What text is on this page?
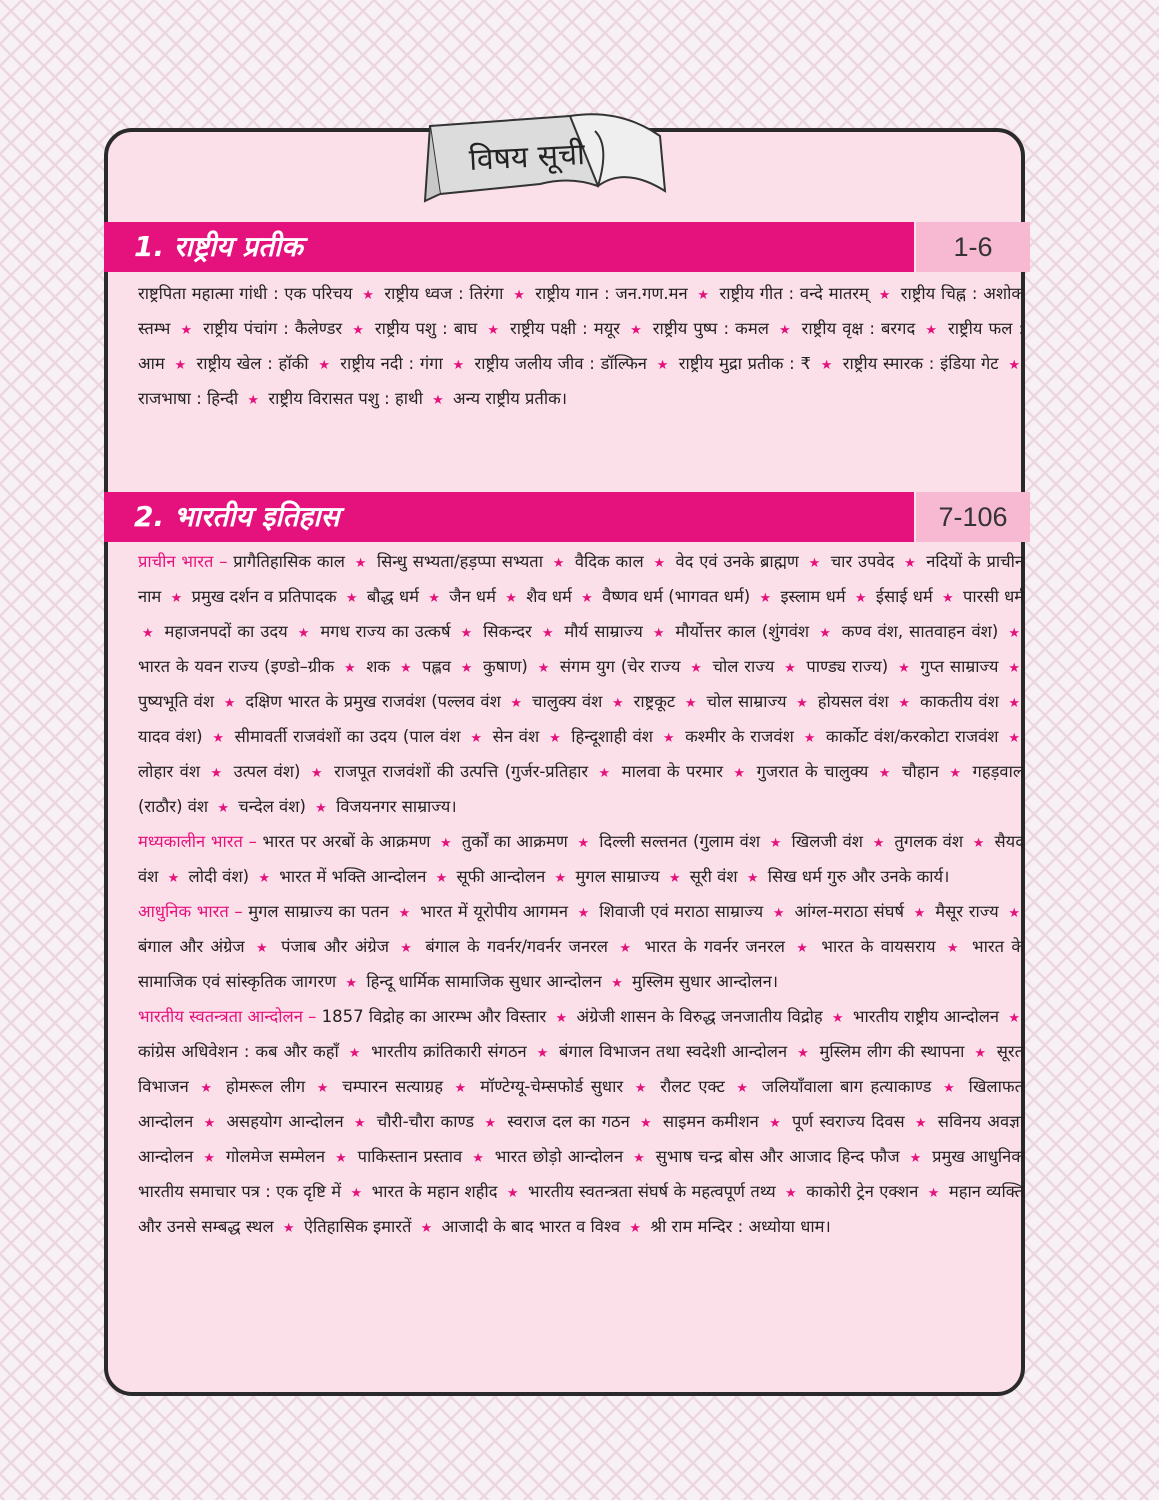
विषय सूची
1. राष्ट्रीय प्रतीक	1-6

राष्ट्रपिता महात्मा गांधी : एक परिचय ★ राष्ट्रीय ध्वज : तिरंगा ★ राष्ट्रीय गान : जन.गण.मन ★ राष्ट्रीय गीत : वन्दे मातरम् ★ राष्ट्रीय चिह्न : अशोक स्तम्भ ★ राष्ट्रीय पंचांग : कैलेण्डर ★ राष्ट्रीय पशु : बाघ ★ राष्ट्रीय पक्षी : मयूर ★ राष्ट्रीय पुष्प : कमल ★ राष्ट्रीय वृक्ष : बरगद ★ राष्ट्रीय फल : आम ★ राष्ट्रीय खेल : हॉकी ★ राष्ट्रीय नदी : गंगा ★ राष्ट्रीय जलीय जीव : डॉल्फिन ★ राष्ट्रीय मुद्रा प्रतीक : ₹ ★ राष्ट्रीय स्मारक : इंडिया गेट ★ राजभाषा : हिन्दी ★ राष्ट्रीय विरासत पशु : हाथी ★ अन्य राष्ट्रीय प्रतीक।

2. भारतीय इतिहास	7-106

प्राचीन भारत – प्रागैतिहासिक काल ★ सिन्धु सभ्यता/हड़प्पा सभ्यता ★ वैदिक काल ★ वेद एवं उनके ब्राह्मण ★ चार उपवेद ★ नदियों के प्राचीन नाम ★ प्रमुख दर्शन व प्रतिपादक ★ बौद्ध धर्म ★ जैन धर्म ★ शैव धर्म ★ वैष्णव धर्म (भागवत धर्म) ★ इस्लाम धर्म ★ ईसाई धर्म ★ पारसी धर्म ★ महाजनपदों का उदय ★ मगध राज्य का उत्कर्ष ★ सिकन्दर ★ मौर्य साम्राज्य ★ मौर्योत्तर काल (शुंगवंश ★ कण्व वंश, सातवाहन वंश) ★ भारत के यवन राज्य (इण्डो–ग्रीक ★ शक ★ पह्लव ★ कुषाण) ★ संगम युग (चेर राज्य ★ चोल राज्य ★ पाण्ड्य राज्य) ★ गुप्त साम्राज्य ★ पुष्यभूति वंश ★ दक्षिण भारत के प्रमुख राजवंश (पल्लव वंश ★ चालुक्य वंश ★ राष्ट्रकूट ★ चोल साम्राज्य ★ होयसल वंश ★ काकतीय वंश ★ यादव वंश) ★ सीमावर्ती राजवंशों का उदय (पाल वंश ★ सेन वंश ★ हिन्दूशाही वंश ★ कश्मीर के राजवंश ★ कार्कोट वंश/करकोटा राजवंश ★ लोहार वंश ★ उत्पल वंश) ★ राजपूत राजवंशों की उत्पत्ति (गुर्जर-प्रतिहार ★ मालवा के परमार ★ गुजरात के चालुक्य ★ चौहान ★ गहड़वाल (राठौर) वंश ★ चन्देल वंश) ★ विजयनगर साम्राज्य।

मध्यकालीन भारत – भारत पर अरबों के आक्रमण ★ तुर्कों का आक्रमण ★ दिल्ली सल्तनत (गुलाम वंश ★ खिलजी वंश ★ तुगलक वंश ★ सैयद वंश ★ लोदी वंश) ★ भारत में भक्ति आन्दोलन ★ सूफी आन्दोलन ★ मुगल साम्राज्य ★ सूरी वंश ★ सिख धर्म गुरु और उनके कार्य।

आधुनिक भारत – मुगल साम्राज्य का पतन ★ भारत में यूरोपीय आगमन ★ शिवाजी एवं मराठा साम्राज्य ★ आंग्ल-मराठा संघर्ष ★ मैसूर राज्य ★ बंगाल और अंग्रेज ★ पंजाब और अंग्रेज ★ बंगाल के गवर्नर/गवर्नर जनरल ★ भारत के गवर्नर जनरल ★ भारत के वायसराय ★ भारत के सामाजिक एवं सांस्कृतिक जागरण ★ हिन्दू धार्मिक सामाजिक सुधार आन्दोलन ★ मुस्लिम सुधार आन्दोलन।

भारतीय स्वतन्त्रता आन्दोलन – 1857 विद्रोह का आरम्भ और विस्तार ★ अंग्रेजी शासन के विरुद्ध जनजातीय विद्रोह ★ भारतीय राष्ट्रीय आन्दोलन ★ कांग्रेस अधिवेशन : कब और कहाँ ★ भारतीय क्रांतिकारी संगठन ★ बंगाल विभाजन तथा स्वदेशी आन्दोलन ★ मुस्लिम लीग की स्थापना ★ सूरत विभाजन ★ होमरूल लीग ★ चम्पारन सत्याग्रह ★ मॉण्टेग्यू-चेम्सफोर्ड सुधार ★ रौलट एक्ट ★ जलियाँवाला बाग हत्याकाण्ड ★ खिलाफत आन्दोलन ★ असहयोग आन्दोलन ★ चौरी-चौरा काण्ड ★ स्वराज दल का गठन ★ साइमन कमीशन ★ पूर्ण स्वराज्य दिवस ★ सविनय अवज्ञा आन्दोलन ★ गोलमेज सम्मेलन ★ पाकिस्तान प्रस्ताव ★ भारत छोड़ो आन्दोलन ★ सुभाष चन्द्र बोस और आजाद हिन्द फौज ★ प्रमुख आधुनिक भारतीय समाचार पत्र : एक दृष्टि में ★ भारत के महान शहीद ★ भारतीय स्वतन्त्रता संघर्ष के महत्वपूर्ण तथ्य ★ काकोरी ट्रेन एक्शन ★ महान व्यक्ति और उनसे सम्बद्ध स्थल ★ ऐतिहासिक इमारतें ★ आजादी के बाद भारत व विश्व ★ श्री राम मन्दिर : अध्योया धाम।
